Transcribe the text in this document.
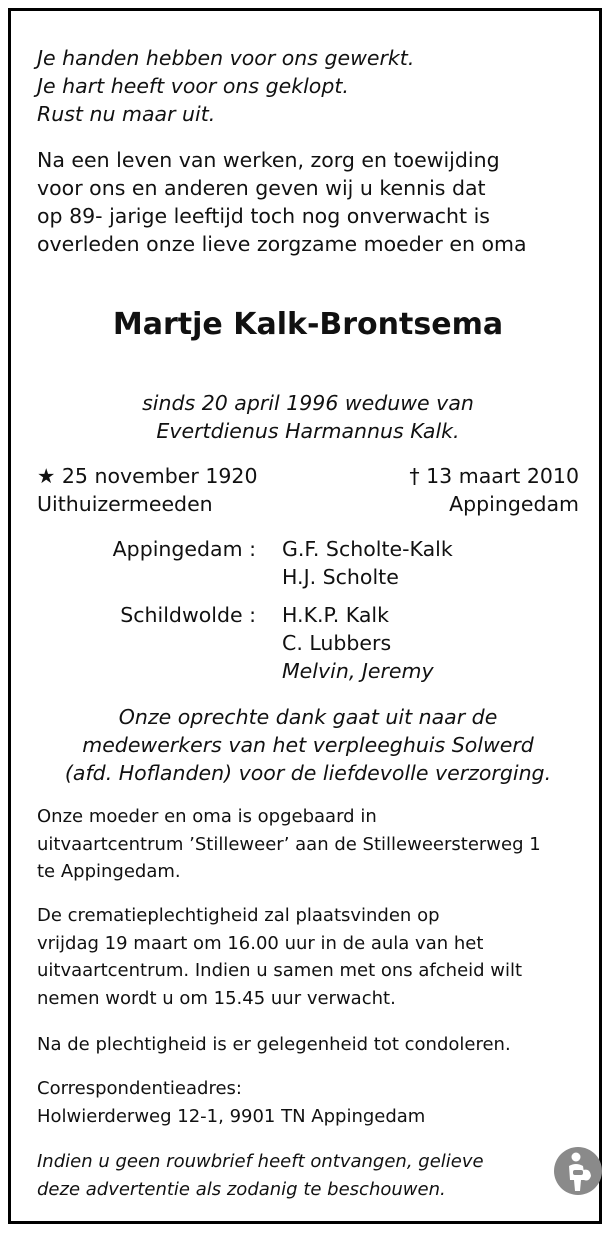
Je handen hebben voor ons gewerkt.
Je hart heeft voor ons geklopt.
Rust nu maar uit.
Na een leven van werken, zorg en toewijding
voor ons en anderen geven wij u kennis dat
op 89- jarige leeftijd toch nog onverwacht is
overleden onze lieve zorgzame moeder en oma
Martje Kalk-Brontsema
sinds 20 april 1996 weduwe van
Evertdienus Harmannus Kalk.
★ 25 november 1920
Uithuizermeeden
† 13 maart 2010
Appingedam
Appingedam : G.F. Scholte-Kalk
H.J. Scholte
Schildwolde : H.K.P. Kalk
C. Lubbers
Melvin, Jeremy
Onze oprechte dank gaat uit naar de
medewerkers van het verpleeghuis Solwerd
(afd. Hoflanden) voor de liefdevolle verzorging.
Onze moeder en oma is opgebaard in
uitvaartcentrum ’Stilleweer’ aan de Stilleweersterweg 1
te Appingedam.
De crematieplechtigheid zal plaatsvinden op
vrijdag 19 maart om 16.00 uur in de aula van het
uitvaartcentrum. Indien u samen met ons afcheid wilt
nemen wordt u om 15.45 uur verwacht.
Na de plechtigheid is er gelegenheid tot condoleren.
Correspondentieadres:
Holwierderweg 12-1, 9901 TN Appingedam
Indien u geen rouwbrief heeft ontvangen, gelieve
deze advertentie als zodanig te beschouwen.
